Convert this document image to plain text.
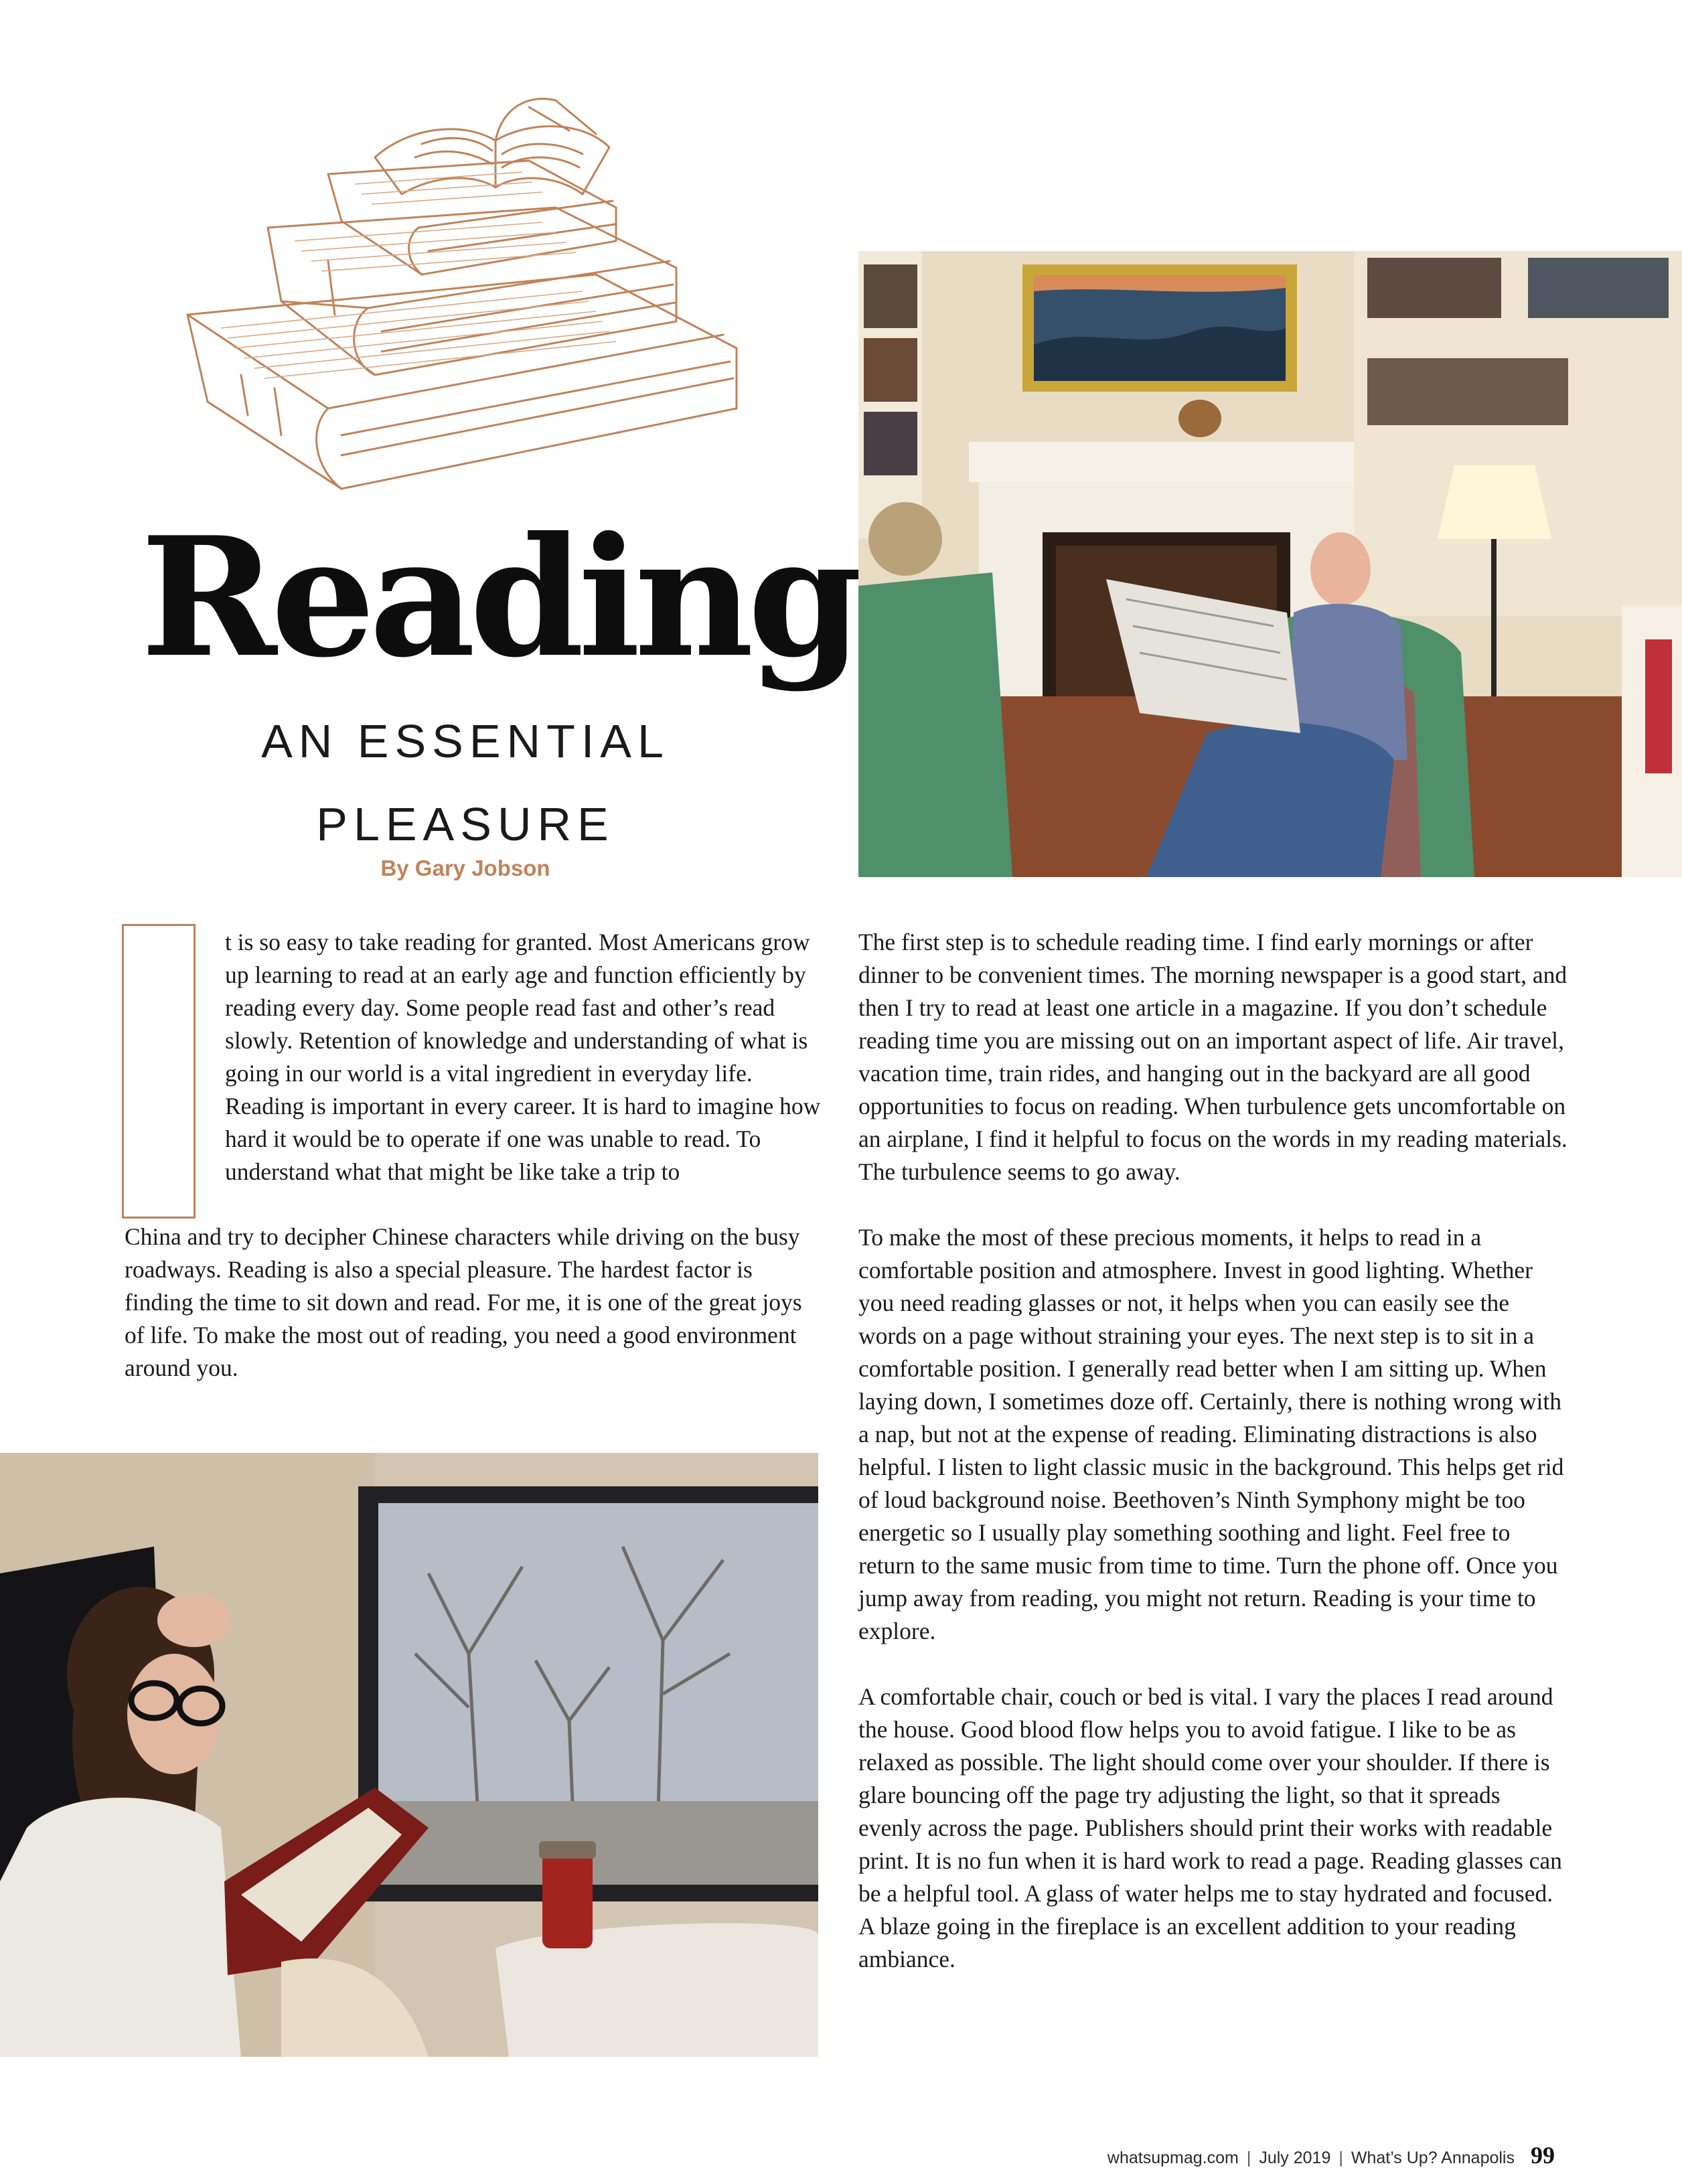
Reading
AN ESSENTIAL
PLEASURE
By Gary Jobson

t is so easy to take reading for granted. Most Americans grow up learning to read at an early age and function efficiently by reading every day. Some people read fast and other’s read slowly. Retention of knowledge and understanding of what is going in our world is a vital ingredient in everyday life. Reading is important in every career. It is hard to imagine how hard it would be to operate if one was unable to read. To understand what that might be like take a trip to

China and try to decipher Chinese characters while driving on the busy roadways. Reading is also a special pleasure. The hardest factor is finding the time to sit down and read. For me, it is one of the great joys of life. To make the most out of reading, you need a good environment around you.

The first step is to schedule reading time. I find early mornings or after dinner to be convenient times. The morning newspaper is a good start, and then I try to read at least one article in a magazine. If you don’t schedule reading time you are missing out on an important aspect of life. Air travel, vacation time, train rides, and hanging out in the backyard are all good opportunities to focus on reading. When turbulence gets uncomfortable on an airplane, I find it helpful to focus on the words in my reading materials. The turbulence seems to go away.

To make the most of these precious moments, it helps to read in a comfortable position and atmosphere. Invest in good lighting. Whether you need reading glasses or not, it helps when you can easily see the words on a page without straining your eyes. The next step is to sit in a comfortable position. I generally read better when I am sitting up. When laying down, I sometimes doze off. Certainly, there is nothing wrong with a nap, but not at the expense of reading. Eliminating distractions is also helpful. I listen to light classic music in the background. This helps get rid of loud background noise. Beethoven’s Ninth Symphony might be too energetic so I usually play something soothing and light. Feel free to return to the same music from time to time. Turn the phone off. Once you jump away from reading, you might not return. Reading is your time to explore.

A comfortable chair, couch or bed is vital. I vary the places I read around the house. Good blood flow helps you to avoid fatigue. I like to be as relaxed as possible. The light should come over your shoulder. If there is glare bouncing off the page try adjusting the light, so that it spreads evenly across the page. Publishers should print their works with readable print. It is no fun when it is hard work to read a page. Reading glasses can be a helpful tool. A glass of water helps me to stay hydrated and focused. A blaze going in the fireplace is an excellent addition to your reading ambiance.

whatsupmag.com | July 2019 | What’s Up? Annapolis 99
